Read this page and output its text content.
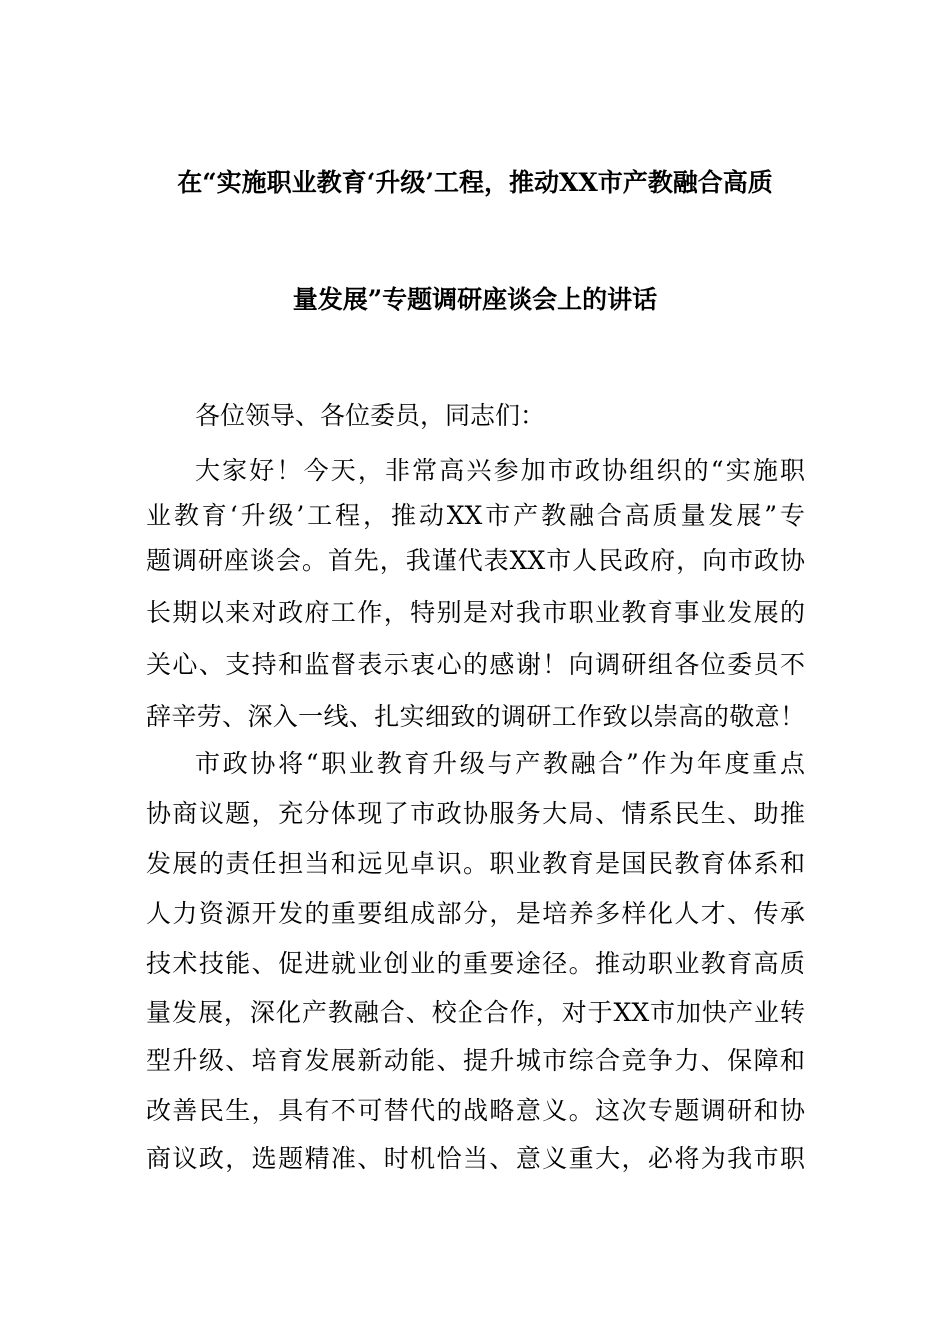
在“实施职业教育‘升级’工程，推动XX市产教融合高质
量发展”专题调研座谈会上的讲话
各位领导、各位委员，同志们：
大家好！今天，非常高兴参加市政协组织的“实施职
业教育‘升级’工程，推动XX市产教融合高质量发展”专
题调研座谈会。首先，我谨代表XX市人民政府，向市政协
长期以来对政府工作，特别是对我市职业教育事业发展的
关心、支持和监督表示衷心的感谢！向调研组各位委员不
辞辛劳、深入一线、扎实细致的调研工作致以崇高的敬意！
市政协将“职业教育升级与产教融合”作为年度重点
协商议题，充分体现了市政协服务大局、情系民生、助推
发展的责任担当和远见卓识。职业教育是国民教育体系和
人力资源开发的重要组成部分，是培养多样化人才、传承
技术技能、促进就业创业的重要途径。推动职业教育高质
量发展，深化产教融合、校企合作，对于XX市加快产业转
型升级、培育发展新动能、提升城市综合竞争力、保障和
改善民生，具有不可替代的战略意义。这次专题调研和协
商议政，选题精准、时机恰当、意义重大，必将为我市职
